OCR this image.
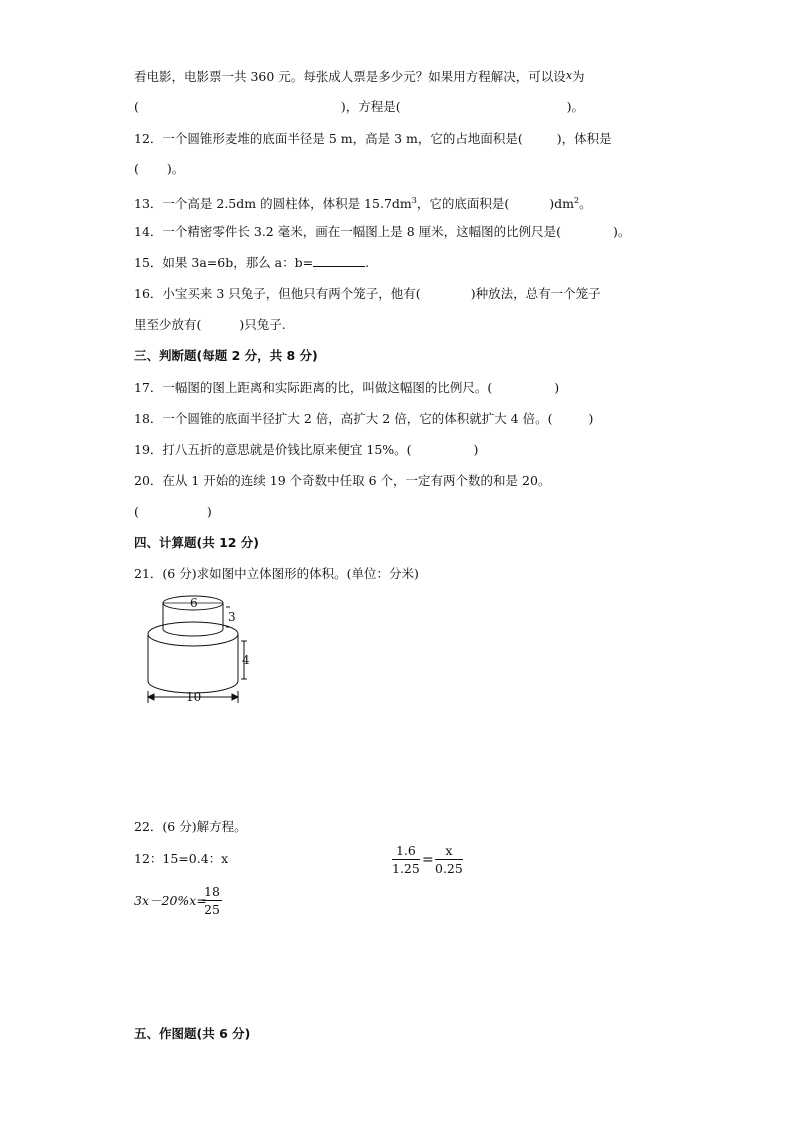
看电影，电影票一共 360 元。每张成人票是多少元？如果用方程解决，可以设x为
(	)，方程是(	)。
12．一个圆锥形麦堆的底面半径是 5 m，高是 3 m，它的占地面积是(	)，体积是
( )。
13．一个高是 2.5dm 的圆柱体，体积是 $15.7dm^3$，它的底面积是(	)$dm^2$。
14．一个精密零件长 3.2 毫米，画在一幅图上是 8 厘米，这幅图的比例尺是(	)。
15．如果 3a=6b，那么 a：b=	.
16．小宝买来 3 只兔子，但他只有两个笼子，他有(	)种放法，总有一个笼子
里至少放有(	)只兔子.
三、判断题(每题 2 分，共 8 分)
17．一幅图的图上距离和实际距离的比，叫做这幅图的比例尺。(	)
18．一个圆锥的底面半径扩大 2 倍，高扩大 2 倍，它的体积就扩大 4 倍。(	)
19．打八五折的意思就是价钱比原来便宜 15%。(	)
20．在从 1 开始的连续 19 个奇数中任取 6 个，一定有两个数的和是 20。
(	)
四、计算题(共 12 分)
21．(6 分)求如图中立体图形的体积。(单位：分米)
6
3
4
10
22．(6 分)解方程。
12：15=0.4：x	$\frac{1.6}{1.25} = \frac{x}{0.25}$
3x－20%x=
$\frac{18}{25}$
五、作图题(共 6 分)
